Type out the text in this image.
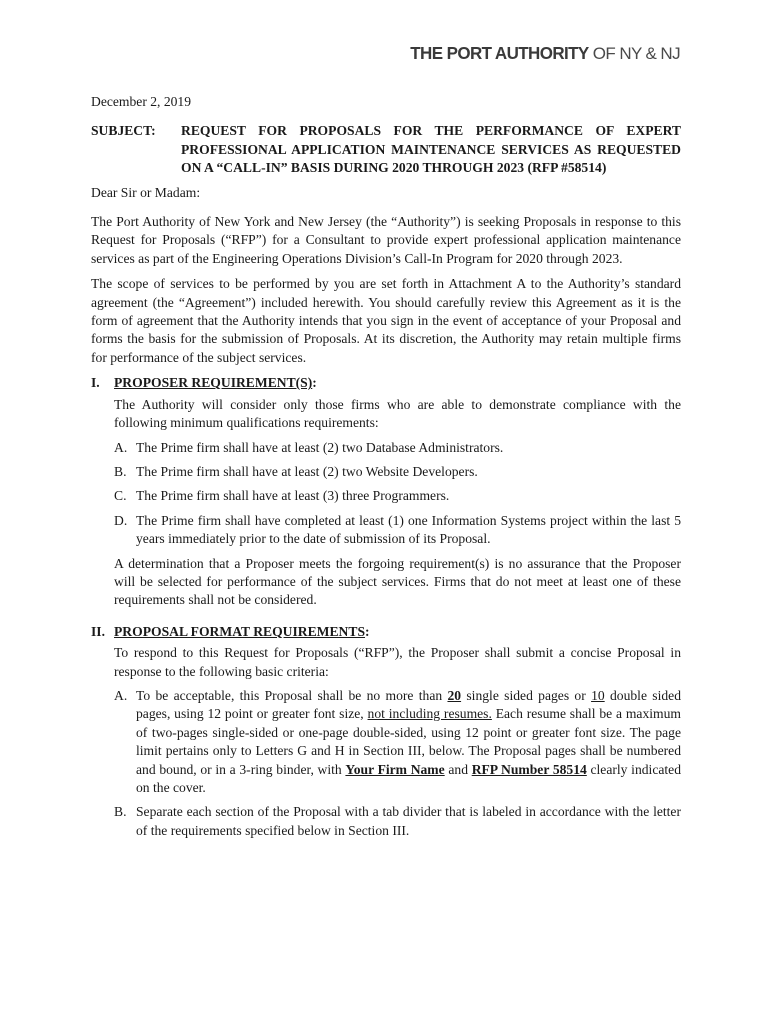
THE PORT AUTHORITY OF NY & NJ
December 2, 2019
SUBJECT:	REQUEST FOR PROPOSALS FOR THE PERFORMANCE OF EXPERT PROFESSIONAL APPLICATION MAINTENANCE SERVICES AS REQUESTED ON A “CALL-IN” BASIS DURING 2020 THROUGH 2023 (RFP #58514)
Dear Sir or Madam:

The Port Authority of New York and New Jersey (the “Authority”) is seeking Proposals in response to this Request for Proposals (“RFP”) for a Consultant to provide expert professional application maintenance services as part of the Engineering Operations Division’s Call-In Program for 2020 through 2023.

The scope of services to be performed by you are set forth in Attachment A to the Authority’s standard agreement (the “Agreement”) included herewith. You should carefully review this Agreement as it is the form of agreement that the Authority intends that you sign in the event of acceptance of your Proposal and forms the basis for the submission of Proposals. At its discretion, the Authority may retain multiple firms for performance of the subject services.

I.	PROPOSER REQUIREMENT(S):

The Authority will consider only those firms who are able to demonstrate compliance with the following minimum qualifications requirements:

A. The Prime firm shall have at least (2) two Database Administrators.
B. The Prime firm shall have at least (2) two Website Developers.
C. The Prime firm shall have at least (3) three Programmers.
D. The Prime firm shall have completed at least (1) one Information Systems project within the last 5 years immediately prior to the date of submission of its Proposal.

A determination that a Proposer meets the forgoing requirement(s) is no assurance that the Proposer will be selected for performance of the subject services. Firms that do not meet at least one of these requirements shall not be considered.

II. PROPOSAL FORMAT REQUIREMENTS:

To respond to this Request for Proposals (“RFP”), the Proposer shall submit a concise Proposal in response to the following basic criteria:

A. To be acceptable, this Proposal shall be no more than 20 single sided pages or 10 double sided pages, using 12 point or greater font size, not including resumes. Each resume shall be a maximum of two-pages single-sided or one-page double-sided, using 12 point or greater font size. The page limit pertains only to Letters G and H in Section III, below. The Proposal pages shall be numbered and bound, or in a 3-ring binder, with Your Firm Name and RFP Number 58514 clearly indicated on the cover.
B. Separate each section of the Proposal with a tab divider that is labeled in accordance with the letter of the requirements specified below in Section III.
